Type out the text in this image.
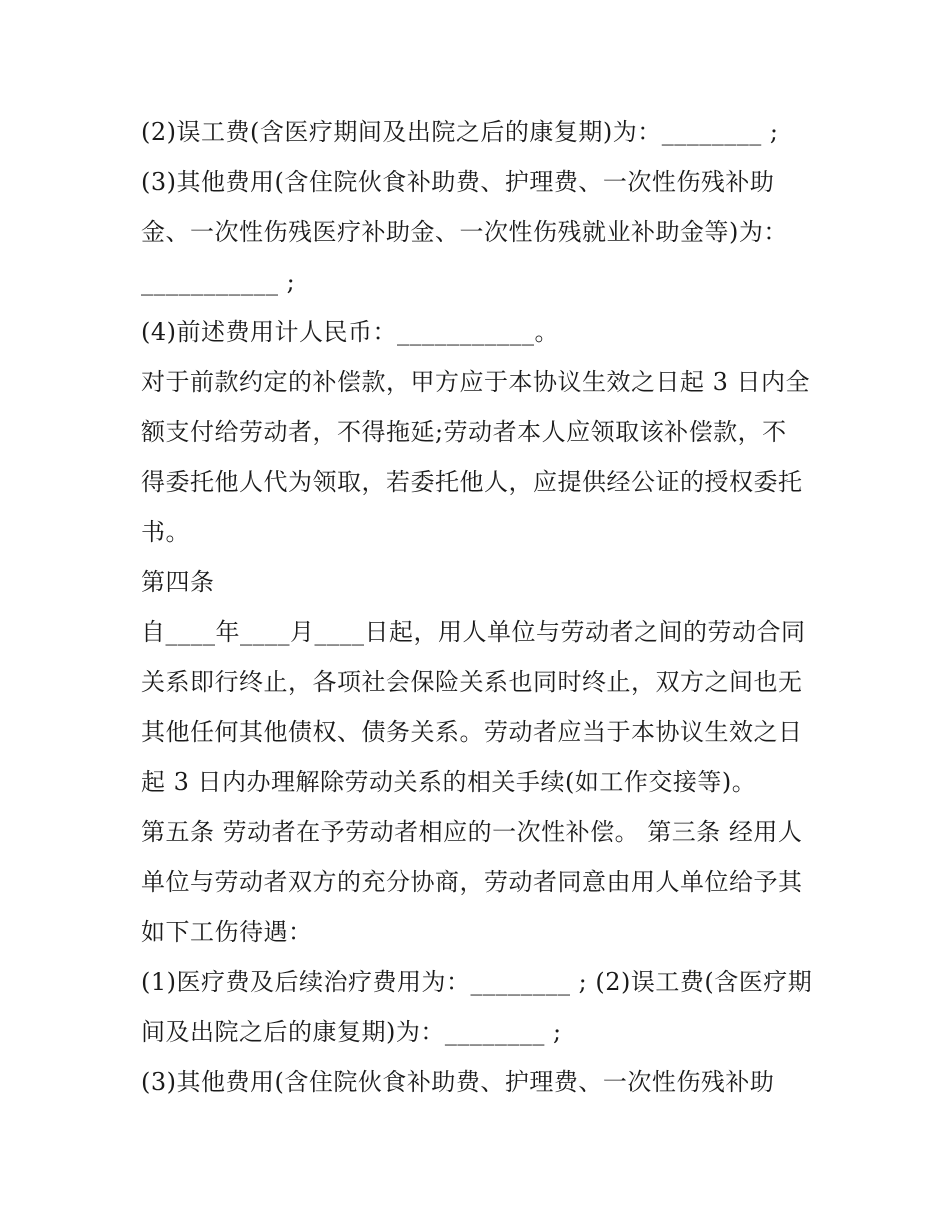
(2)误工费(含医疗期间及出院之后的康复期)为：________ ;
(3)其他费用(含住院伙食补助费、护理费、一次性伤残补助
金、一次性伤残医疗补助金、一次性伤残就业补助金等)为：
___________ ;
(4)前述费用计人民币：___________。
对于前款约定的补偿款，甲方应于本协议生效之日起 3 日内全
额支付给劳动者，不得拖延;劳动者本人应领取该补偿款，不
得委托他人代为领取，若委托他人，应提供经公证的授权委托
书。
第四条
自____年____月____日起，用人单位与劳动者之间的劳动合同
关系即行终止，各项社会保险关系也同时终止，双方之间也无
其他任何其他债权、债务关系。劳动者应当于本协议生效之日
起 3 日内办理解除劳动关系的相关手续(如工作交接等)。
第五条 劳动者在予劳动者相应的一次性补偿。 第三条 经用人
单位与劳动者双方的充分协商，劳动者同意由用人单位给予其
如下工伤待遇：
(1)医疗费及后续治疗费用为：________ ; (2)误工费(含医疗期
间及出院之后的康复期)为：________ ;
(3)其他费用(含住院伙食补助费、护理费、一次性伤残补助
